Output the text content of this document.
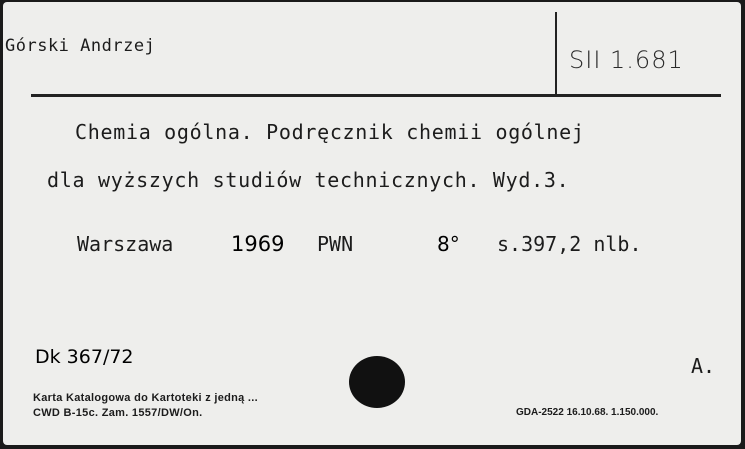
Górski Andrzej	SII 1.681
Chemia ogólna. Podręcznik chemii ogólnej
dla wyższych studiów technicznych. Wyd.3.
Warszawa	1969 PWN	8° s.397,2 nlb.
Dk 367/72	A.
Karta Katalogowa do Kartoteki z jedną ...
CWD B-15c. Zam. 1557/DW/On.	GDA-2522 16.10.68. 1.150.000.
